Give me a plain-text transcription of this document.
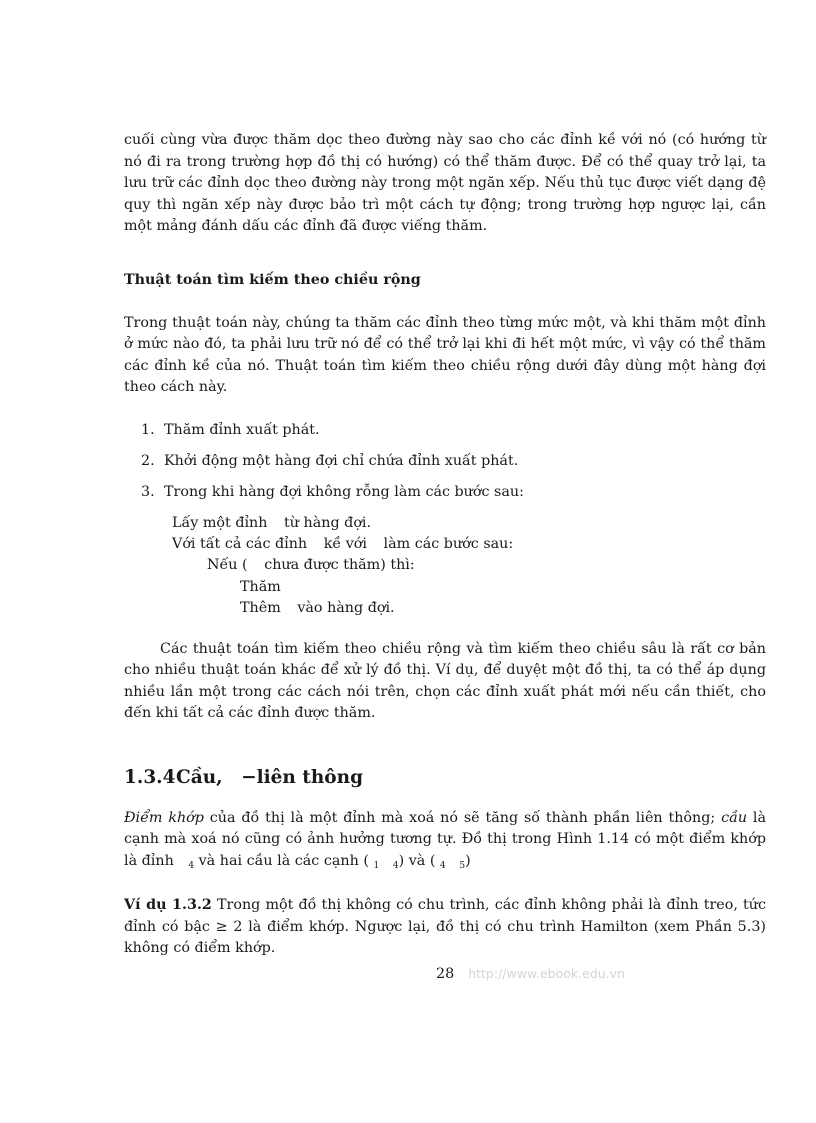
cuối cùng vừa được thăm dọc theo đường này sao cho các đỉnh kề với nó (có hướng từ nó đi ra trong trường hợp đồ thị có hướng) có thể thăm được. Để có thể quay trở lại, ta lưu trữ các đỉnh dọc theo đường này trong một ngăn xếp. Nếu thủ tục được viết dạng đệ quy thì ngăn xếp này được bảo trì một cách tự động; trong trường hợp ngược lại, cần một mảng đánh dấu các đỉnh đã được viếng thăm.

Thuật toán tìm kiếm theo chiều rộng

Trong thuật toán này, chúng ta thăm các đỉnh theo từng mức một, và khi thăm một đỉnh ở mức nào đó, ta phải lưu trữ nó để có thể trở lại khi đi hết một mức, vì vậy có thể thăm các đỉnh kề của nó. Thuật toán tìm kiếm theo chiều rộng dưới đây dùng một hàng đợi theo cách này.

1. Thăm đỉnh xuất phát.
2. Khởi động một hàng đợi chỉ chứa đỉnh xuất phát.
3. Trong khi hàng đợi không rỗng làm các bước sau:
Lấy một đỉnh từ hàng đợi.
Với tất cả các đỉnh kề với làm các bước sau:
Nếu ( chưa được thăm) thì:
Thăm
Thêm vào hàng đợi.

Các thuật toán tìm kiếm theo chiều rộng và tìm kiếm theo chiều sâu là rất cơ bản cho nhiều thuật toán khác để xử lý đồ thị. Ví dụ, để duyệt một đồ thị, ta có thể áp dụng nhiều lần một trong các cách nói trên, chọn các đỉnh xuất phát mới nếu cần thiết, cho đến khi tất cả các đỉnh được thăm.

1.3.4Cầu, −liên thông

Điểm khớp của đồ thị là một đỉnh mà xoá nó sẽ tăng số thành phần liên thông; cầu là cạnh mà xoá nó cũng có ảnh hưởng tương tự. Đồ thị trong Hình 1.14 có một điểm khớp là đỉnh $_4$ và hai cầu là các cạnh ( $_1$ $_4$) và ( $_4$ $_5$)

Ví dụ 1.3.2 Trong một đồ thị không có chu trình, các đỉnh không phải là đỉnh treo, tức đỉnh có bậc ≥ 2 là điểm khớp. Ngược lại, đồ thị có chu trình Hamilton (xem Phần 5.3) không có điểm khớp.

28 http://www.ebook.edu.vn
